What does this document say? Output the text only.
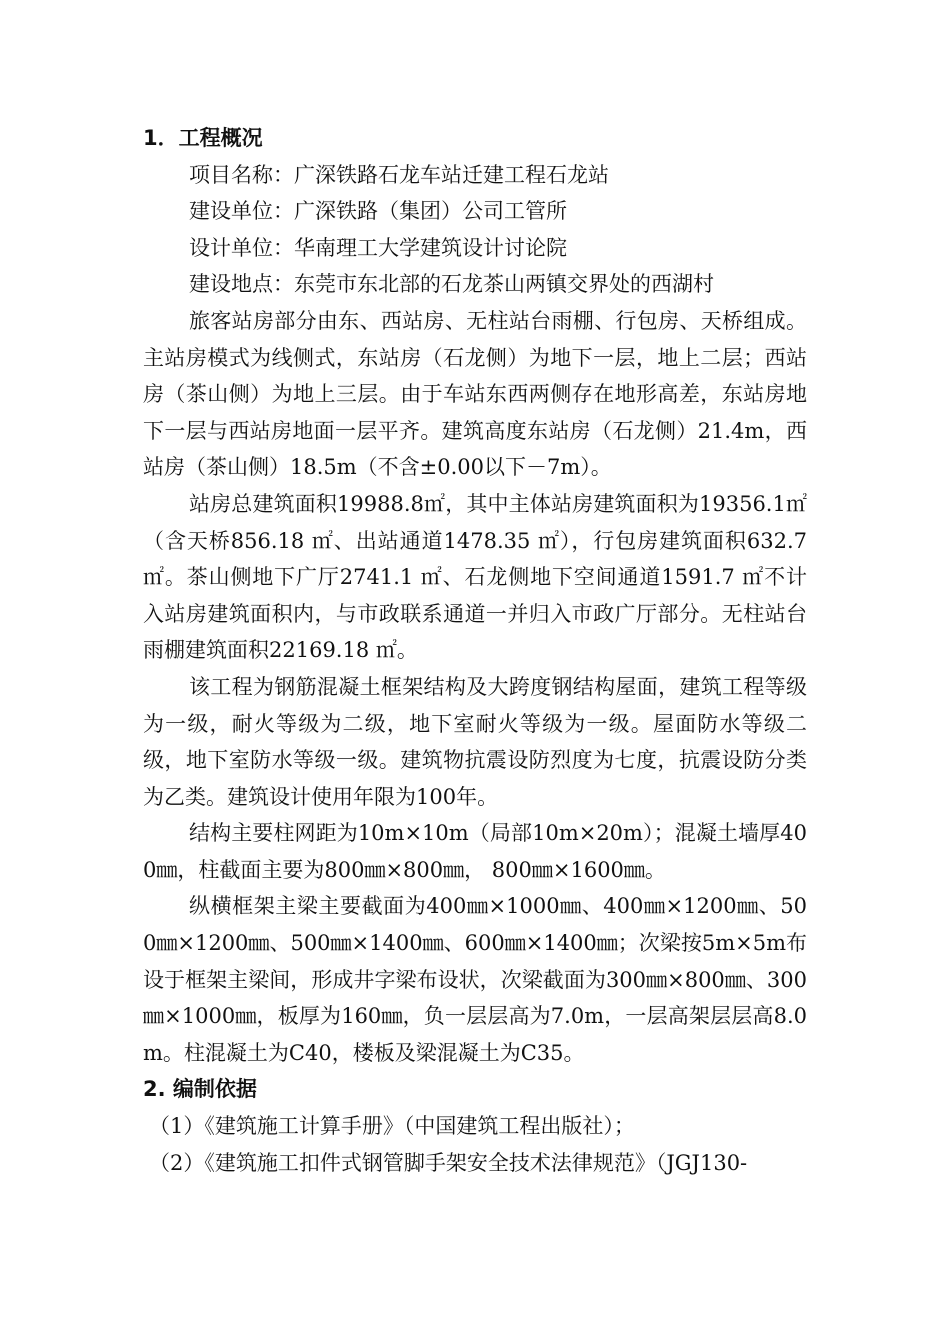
1．工程概况

项目名称：广深铁路石龙车站迁建工程石龙站

建设单位：广深铁路（集团）公司工管所

设计单位：华南理工大学建筑设计讨论院

建设地点：东莞市东北部的石龙茶山两镇交界处的西湖村

旅客站房部分由东、西站房、无柱站台雨棚、行包房、天桥组成。主站房模式为线侧式，东站房（石龙侧）为地下一层，地上二层；西站房（茶山侧）为地上三层。由于车站东西两侧存在地形高差，东站房地下一层与西站房地面一层平齐。建筑高度东站房（石龙侧）21.4m，西站房（茶山侧）18.5m（不含±0.00以下－7m）。

站房总建筑面积19988.8㎡，其中主体站房建筑面积为19356.1㎡（含天桥856.18 ㎡、出站通道1478.35 ㎡），行包房建筑面积632.7 ㎡。茶山侧地下广厅2741.1 ㎡、石龙侧地下空间通道1591.7 ㎡不计入站房建筑面积内，与市政联系通道一并归入市政广厅部分。无柱站台雨棚建筑面积22169.18 ㎡。

该工程为钢筋混凝土框架结构及大跨度钢结构屋面，建筑工程等级为一级，耐火等级为二级，地下室耐火等级为一级。屋面防水等级二级，地下室防水等级一级。建筑物抗震设防烈度为七度，抗震设防分类为乙类。建筑设计使用年限为100年。

结构主要柱网距为10m×10m（局部10m×20m）；混凝土墙厚400㎜，柱截面主要为800㎜×800㎜， 800㎜×1600㎜。

纵横框架主梁主要截面为400㎜×1000㎜、400㎜×1200㎜、500㎜×1200㎜、500㎜×1400㎜、600㎜×1400㎜；次梁按5m×5m布设于框架主梁间，形成井字梁布设状，次梁截面为300㎜×800㎜、300㎜×1000㎜，板厚为160㎜，负一层层高为7.0m，一层高架层层高8.0 m。柱混凝土为C40，楼板及梁混凝土为C35。

2. 编制依据

（1）《建筑施工计算手册》（中国建筑工程出版社）；

（2）《建筑施工扣件式钢管脚手架安全技术法律规范》（JGJ130-
